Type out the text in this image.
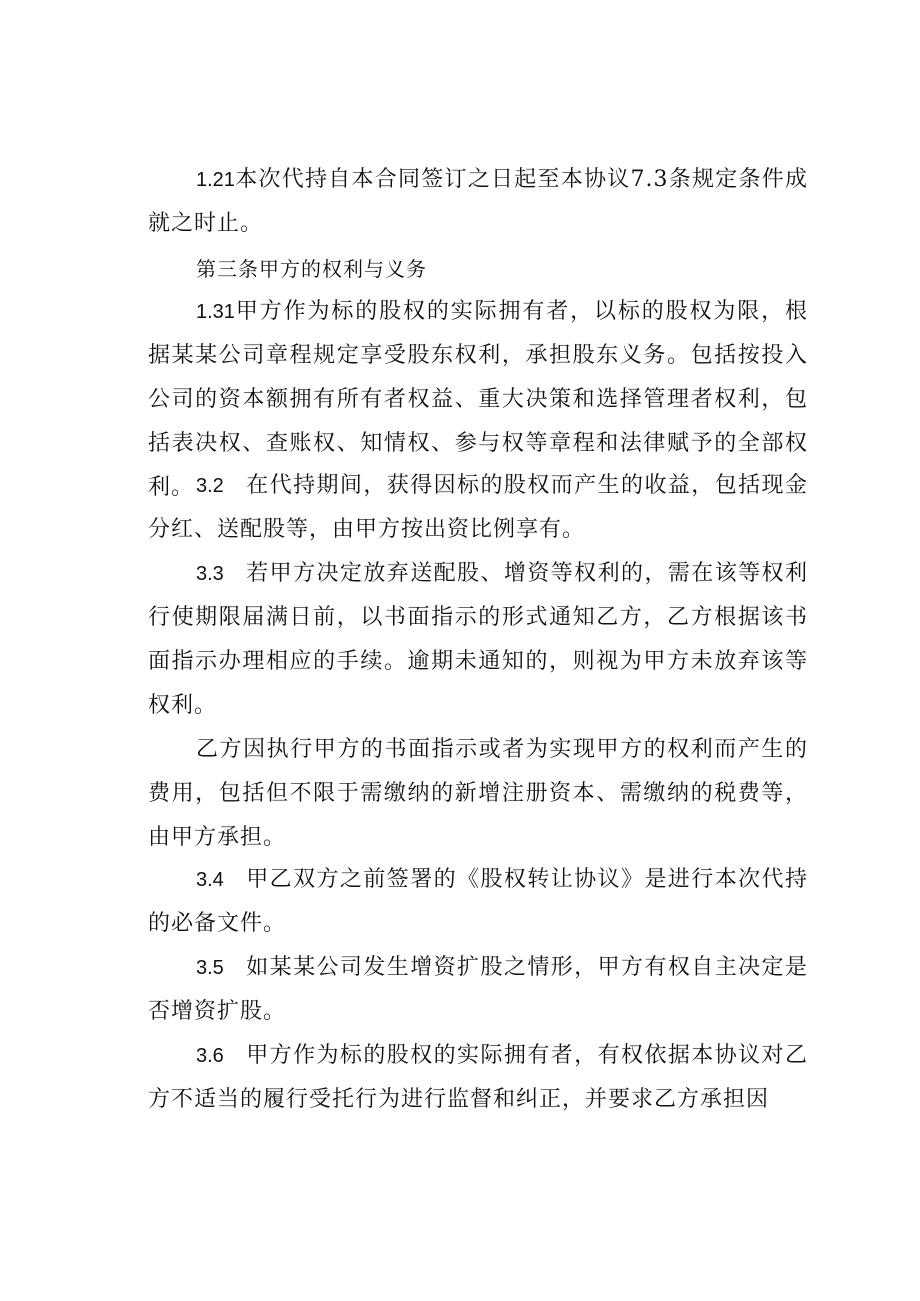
1.21本次代持自本合同签订之日起至本协议7.3条规定条件成就之时止。

第三条甲方的权利与义务

1.31甲方作为标的股权的实际拥有者，以标的股权为限，根据某某公司章程规定享受股东权利，承担股东义务。包括按投入公司的资本额拥有所有者权益、重大决策和选择管理者权利，包括表决权、查账权、知情权、参与权等章程和法律赋予的全部权利。 3.2 在代持期间，获得因标的股权而产生的收益，包括现金分红、送配股等，由甲方按出资比例享有。

3.3 若甲方决定放弃送配股、增资等权利的，需在该等权利行使期限届满日前，以书面指示的形式通知乙方，乙方根据该书面指示办理相应的手续。逾期未通知的，则视为甲方未放弃该等权利。

乙方因执行甲方的书面指示或者为实现甲方的权利而产生的费用，包括但不限于需缴纳的新增注册资本、需缴纳的税费等，由甲方承担。

3.4 甲乙双方之前签署的《股权转让协议》是进行本次代持的必备文件。

3.5 如某某公司发生增资扩股之情形，甲方有权自主决定是否增资扩股。

3.6 甲方作为标的股权的实际拥有者，有权依据本协议对乙方不适当的履行受托行为进行监督和纠正，并要求乙方承担因
